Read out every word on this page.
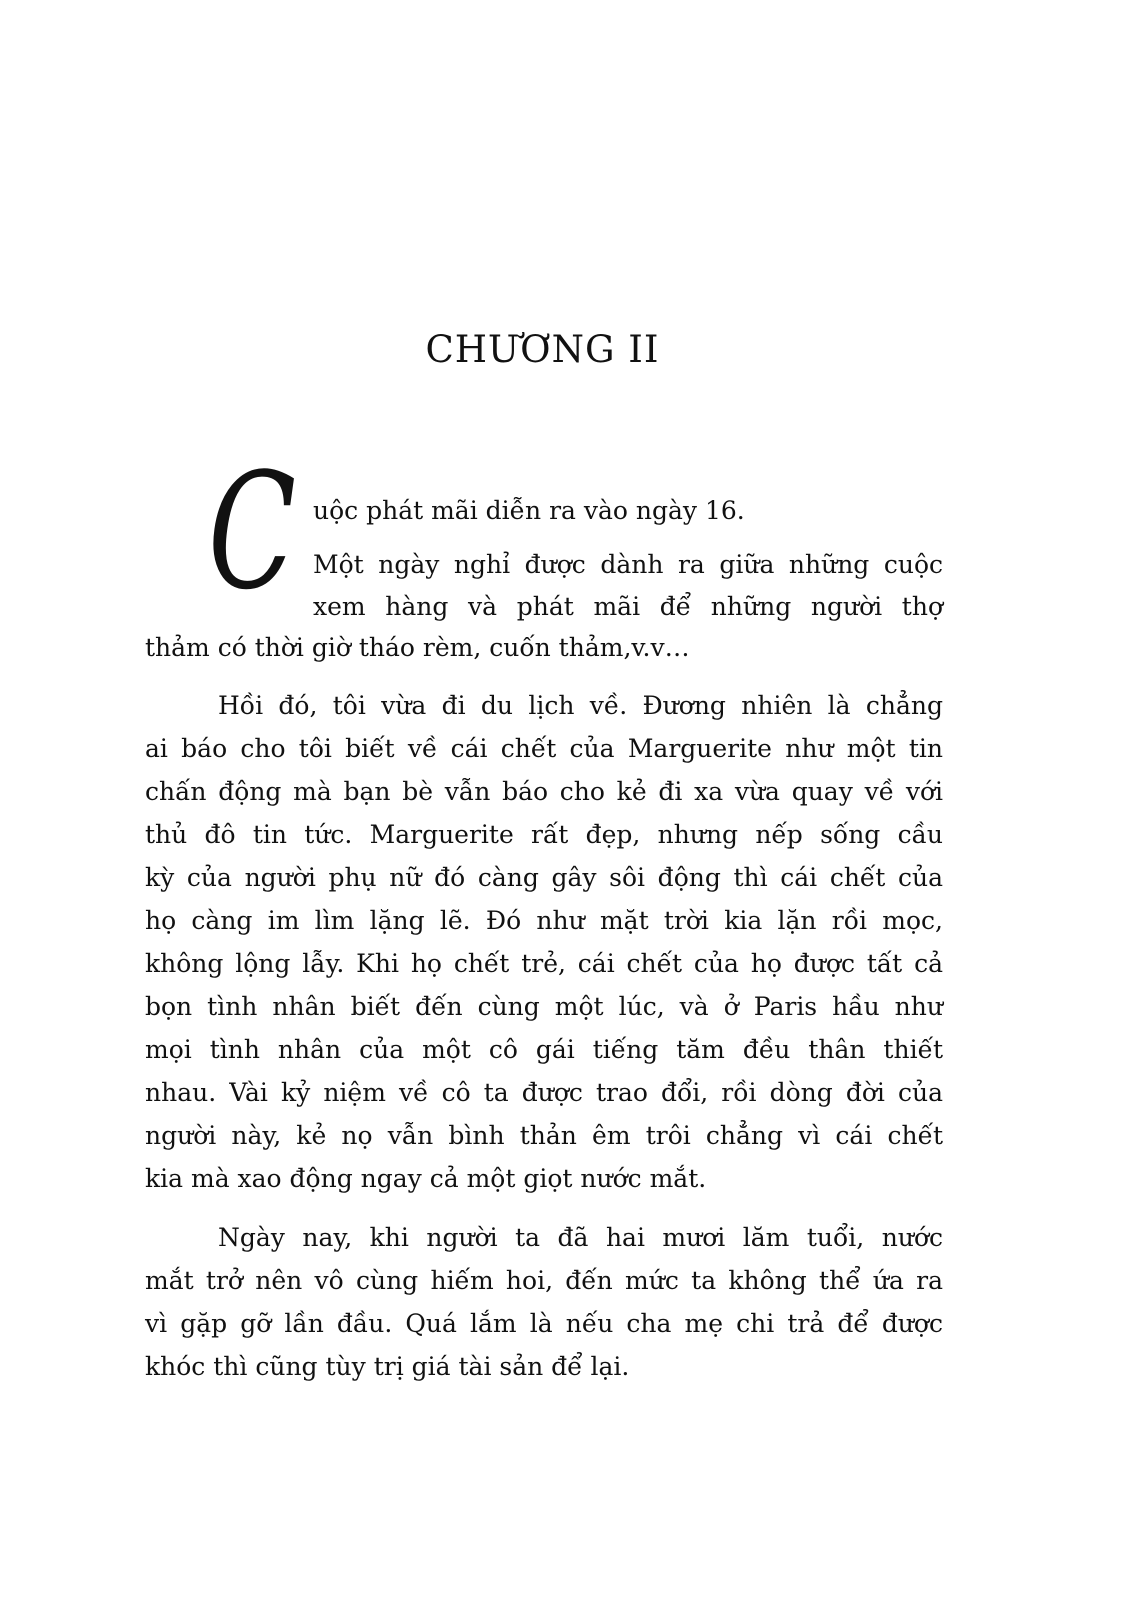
CHƯƠNG II
C uộc phát mãi diễn ra vào ngày 16.
Một ngày nghỉ được dành ra giữa những cuộc
xem hàng và phát mãi để những người thợ
thảm có thời giờ tháo rèm, cuốn thảm,v.v…
Hồi đó, tôi vừa đi du lịch về. Đương nhiên là chẳng
ai báo cho tôi biết về cái chết của Marguerite như một tin
chấn động mà bạn bè vẫn báo cho kẻ đi xa vừa quay về với
thủ đô tin tức. Marguerite rất đẹp, nhưng nếp sống cầu
kỳ của người phụ nữ đó càng gây sôi động thì cái chết của
họ càng im lìm lặng lẽ. Đó như mặt trời kia lặn rồi mọc,
không lộng lẫy. Khi họ chết trẻ, cái chết của họ được tất cả
bọn tình nhân biết đến cùng một lúc, và ở Paris hầu như
mọi tình nhân của một cô gái tiếng tăm đều thân thiết
nhau. Vài kỷ niệm về cô ta được trao đổi, rồi dòng đời của
người này, kẻ nọ vẫn bình thản êm trôi chẳng vì cái chết
kia mà xao động ngay cả một giọt nước mắt.
Ngày nay, khi người ta đã hai mươi lăm tuổi, nước
mắt trở nên vô cùng hiếm hoi, đến mức ta không thể ứa ra
vì gặp gỡ lần đầu. Quá lắm là nếu cha mẹ chi trả để được
khóc thì cũng tùy trị giá tài sản để lại.
